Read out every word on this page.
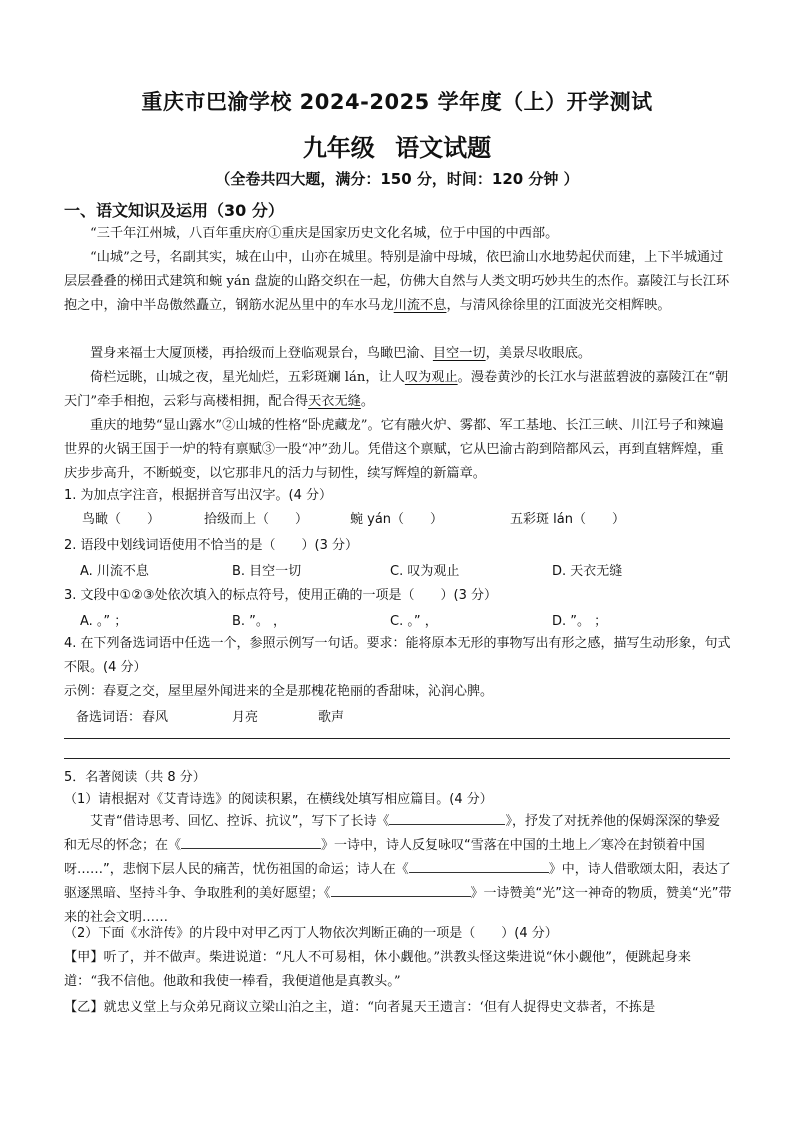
重庆市巴渝学校 2024-2025 学年度（上）开学测试
九年级 语文试题
（全卷共四大题，满分：150 分，时间：120 分钟 ）
一、语文知识及运用（30 分）
“三千年江州城，八百年重庆府①重庆是国家历史文化名城，位于中国的中西部。
“山城”之号，名副其实，城在山中，山亦在城里。特别是渝中母城，依巴渝山水地势起伏而建，上下半城通过层层叠叠的梯田式建筑和蜿 yán 盘旋的山路交织在一起，仿佛大自然与人类文明巧妙共生的杰作。嘉陵江与长江环抱之中，渝中半岛傲然矗立，钢筋水泥丛里中的车水马龙川流不息，与清风徐徐里的江面波光交相辉映。
置身来福士大厦顶楼，再拾级而上登临观景台，鸟瞰巴渝、目空一切，美景尽收眼底。
倚栏远眺，山城之夜，星光灿烂，五彩斑斓 lán，让人叹为观止。漫卷黄沙的长江水与湛蓝碧波的嘉陵江在“朝天门”牵手相抱，云彩与高楼相拥，配合得天衣无缝。
重庆的地势“显山露水”②山城的性格“卧虎藏龙”。它有融火炉、雾都、军工基地、长江三峡、川江号子和辣遍世界的火锅王国于一炉的特有禀赋③一股“冲”劲儿。凭借这个禀赋，它从巴渝古韵到陪都风云，再到直辖辉煌，重庆步步高升，不断蜕变，以它那非凡的活力与韧性，续写辉煌的新篇章。
1. 为加点字注音，根据拼音写出汉字。(4 分）
鸟瞰（　　）	拾级而上（　　）	蜿 yán（　　）	五彩斑 lán（　　）
2. 语段中划线词语使用不恰当的是（　　）(3 分）
A. 川流不息	B. 目空一切	C. 叹为观止	D. 天衣无缝
3. 文段中①②③处依次填入的标点符号，使用正确的一项是（　　）(3 分）
A. 。” ；	B. ”。 ，	C. 。” ，	D. ”。 ；
4. 在下列备选词语中任选一个，参照示例写一句话。要求：能将原本无形的事物写出有形之感，描写生动形象，句式不限。(4 分）
示例：春夏之交，屋里屋外闻进来的全是那槐花艳丽的香甜味，沁润心脾。
备选词语： 春风	月亮	歌声
5．名著阅读（共 8 分）
（1）请根据对《艾青诗选》的阅读积累，在横线处填写相应篇目。(4 分）
艾青“借诗思考、回忆、控诉、抗议”，写下了长诗《	》，抒发了对抚养他的保姆深深的挚爱和无尽的怀念；在《	》一诗中，诗人反复咏叹“雪落在中国的土地上／寒冷在封锁着中国呀……”，悲悯下层人民的痛苦，忧伤祖国的命运；诗人在《	》中，诗人借歌颂太阳，表达了驱逐黑暗、坚持斗争、争取胜利的美好愿望；《	》一诗赞美“光”这一神奇的物质，赞美“光”带来的社会文明……
（2）下面《水浒传》的片段中对甲乙丙丁人物依次判断正确的一项是（　　）(4 分）
【甲】听了，并不做声。柴进说道：“凡人不可易相，休小觑他。”洪教头怪这柴进说“休小觑他”，便跳起身来道：“我不信他。他敢和我使一棒看，我便道他是真教头。”
【乙】就忠义堂上与众弟兄商议立梁山泊之主，道：“向者晁天王遗言：‘但有人捉得史文恭者，不拣是
